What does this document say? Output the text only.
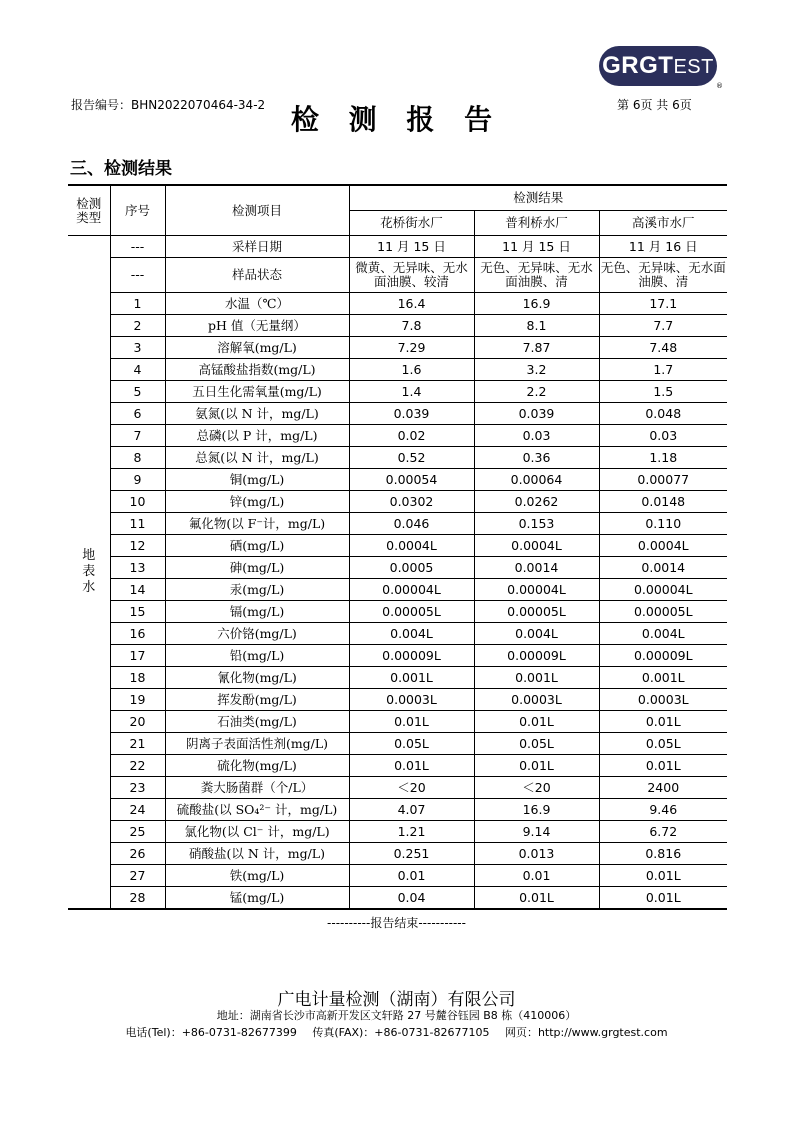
GRGTEST
®
报告编号：BHN2022070464-34-2 检 测 报 告	第 6页 共 6页
三、检测结果
检测类型	序号	检测项目	检测结果		
			花桥街水厂	普利桥水厂	高溪市水厂
地表水	---	采样日期	11 月 15 日	11 月 15 日	11 月 16 日
	---	样品状态	微黄、无异味、无水面油膜、较清	无色、无异味、无水面油膜、清	无色、无异味、无水面油膜、清
	1	水温（℃）	16.4	16.9	17.1
	2	pH 值（无量纲）	7.8	8.1	7.7
	3	溶解氧(mg/L)	7.29	7.87	7.48
	4	高锰酸盐指数(mg/L)	1.6	3.2	1.7
	5	五日生化需氧量(mg/L)	1.4	2.2	1.5
	6	氨氮(以 N 计，mg/L)	0.039	0.039	0.048
	7	总磷(以 P 计，mg/L)	0.02	0.03	0.03
	8	总氮(以 N 计，mg/L)	0.52	0.36	1.18
	9	铜(mg/L)	0.00054	0.00064	0.00077
	10	锌(mg/L)	0.0302	0.0262	0.0148
	11	氟化物(以 F⁻计，mg/L)	0.046	0.153	0.110
	12	硒(mg/L)	0.0004L	0.0004L	0.0004L
	13	砷(mg/L)	0.0005	0.0014	0.0014
	14	汞(mg/L)	0.00004L	0.00004L	0.00004L
	15	镉(mg/L)	0.00005L	0.00005L	0.00005L
	16	六价铬(mg/L)	0.004L	0.004L	0.004L
	17	铅(mg/L)	0.00009L	0.00009L	0.00009L
	18	氰化物(mg/L)	0.001L	0.001L	0.001L
	19	挥发酚(mg/L)	0.0003L	0.0003L	0.0003L
	20	石油类(mg/L)	0.01L	0.01L	0.01L
	21	阴离子表面活性剂(mg/L)	0.05L	0.05L	0.05L
	22	硫化物(mg/L)	0.01L	0.01L	0.01L
	23	粪大肠菌群（个/L）	＜20	＜20	2400
	24	硫酸盐(以 SO₄²⁻ 计，mg/L)	4.07	16.9	9.46
	25	氯化物(以 Cl⁻ 计，mg/L)	1.21	9.14	6.72
	26	硝酸盐(以 N 计，mg/L)	0.251	0.013	0.816
	27	铁(mg/L)	0.01	0.01	0.01L
	28	锰(mg/L)	0.04	0.01L	0.01L
----------报告结束-----------
广电计量检测（湖南）有限公司
地址：湖南省长沙市高新开发区文轩路 27 号麓谷钰园 B8 栋（410006）
电话(Tel)：+86-0731-82677399 传真(FAX)：+86-0731-82677105 网页：http://www.grgtest.com
